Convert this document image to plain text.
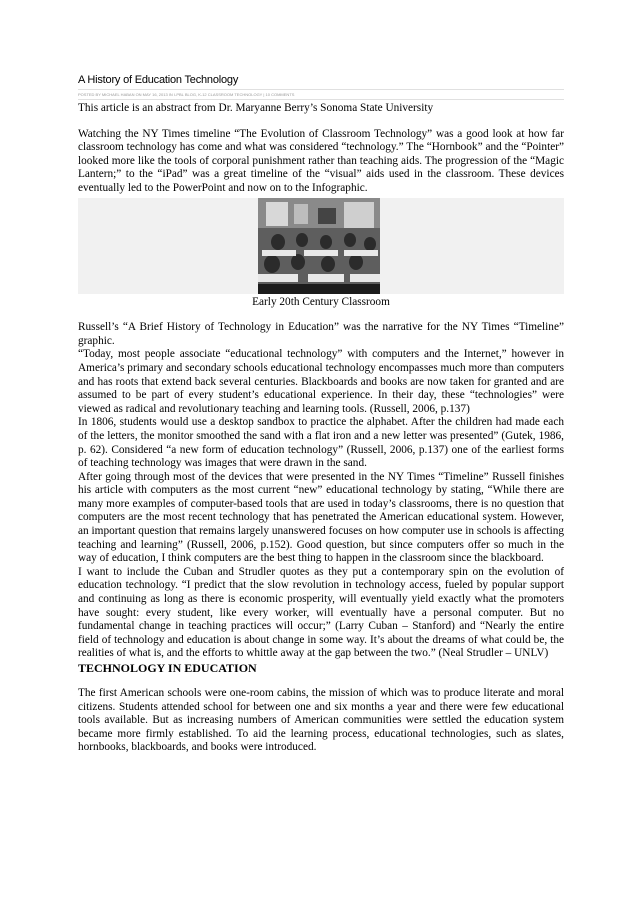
A History of Education Technology
POSTED BY MICHAEL HABAN ON MAY 16, 2013 IN I-PBL BLOG, K-12 CLASSROOM TECHNOLOGY | 10 COMMENTS

This article is an abstract from Dr. Maryanne Berry’s Sonoma State University

Watching the NY Times timeline “The Evolution of Classroom Technology” was a good look at how far classroom technology has come and what was considered “technology.” The “Hornbook” and the “Pointer” looked more like the tools of corporal punishment rather than teaching aids. The progression of the “Magic Lantern;” to the “iPad” was a great timeline of the “visual” aids used in the classroom. These devices eventually led to the PowerPoint and now on to the Infographic.

Early 20th Century Classroom

Russell’s “A Brief History of Technology in Education” was the narrative for the NY Times “Timeline” graphic.

“Today, most people associate “educational technology” with computers and the Internet,” however in America’s primary and secondary schools educational technology encompasses much more than computers and has roots that extend back several centuries. Blackboards and books are now taken for granted and are assumed to be part of every student’s educational experience. In their day, these “technologies” were viewed as radical and revolutionary teaching and learning tools. (Russell, 2006, p.137)

In 1806, students would use a desktop sandbox to practice the alphabet. After the children had made each of the letters, the monitor smoothed the sand with a flat iron and a new letter was presented” (Gutek, 1986, p. 62). Considered “a new form of education technology” (Russell, 2006, p.137) one of the earliest forms of teaching technology was images that were drawn in the sand.

After going through most of the devices that were presented in the NY Times “Timeline” Russell finishes his article with computers as the most current “new” educational technology by stating, “While there are many more examples of computer-based tools that are used in today’s classrooms, there is no question that computers are the most recent technology that has penetrated the American educational system. However, an important question that remains largely unanswered focuses on how computer use in schools is affecting teaching and learning” (Russell, 2006, p.152). Good question, but since computers offer so much in the way of education, I think computers are the best thing to happen in the classroom since the blackboard.

I want to include the Cuban and Strudler quotes as they put a contemporary spin on the evolution of education technology. “I predict that the slow revolution in technology access, fueled by popular support and continuing as long as there is economic prosperity, will eventually yield exactly what the promoters have sought: every student, like every worker, will eventually have a personal computer. But no fundamental change in teaching practices will occur;” (Larry Cuban – Stanford) and “Nearly the entire field of technology and education is about change in some way. It’s about the dreams of what could be, the realities of what is, and the efforts to whittle away at the gap between the two.” (Neal Strudler – UNLV)

TECHNOLOGY IN EDUCATION

The first American schools were one-room cabins, the mission of which was to produce literate and moral citizens. Students attended school for between one and six months a year and there were few educational tools available. But as increasing numbers of American communities were settled the education system became more firmly established. To aid the learning process, educational technologies, such as slates, hornbooks, blackboards, and books were introduced.
